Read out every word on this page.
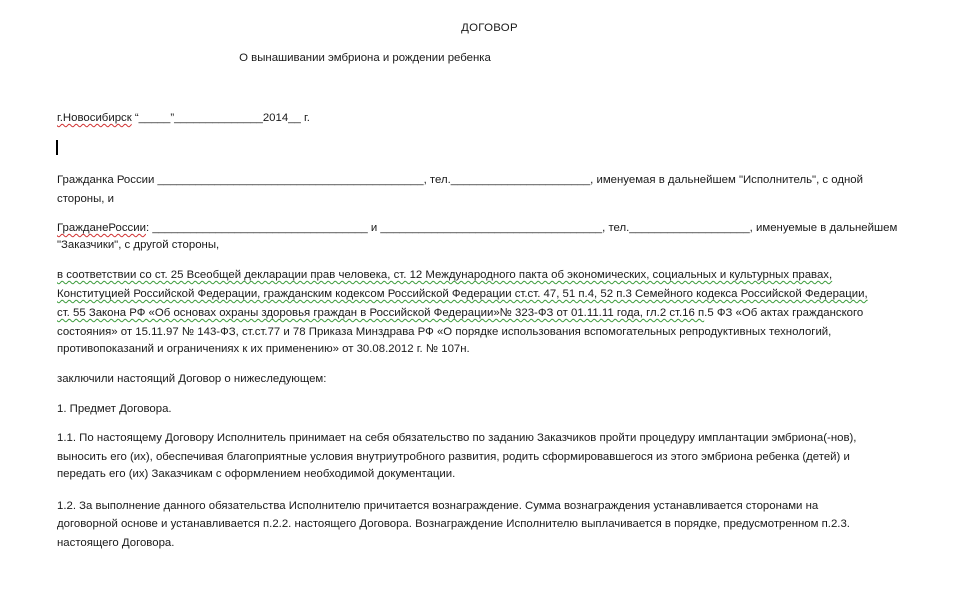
ДОГОВОР
О вынашивании эмбриона и рождении ребенка
г.Новосибирск “_____”______________2014__ г.
Гражданка России __________________________________________, тел.______________________, именуемая в дальнейшем "Исполнитель", с одной
стороны, и
ГражданеРоссии: __________________________________ и ___________________________________, тел.___________________, именуемые в дальнейшем
"Заказчики", с другой стороны,
в соответствии со ст. 25 Всеобщей декларации прав человека, ст. 12 Международного пакта об экономических, социальных и культурных правах,
Конституцией Российской Федерации, гражданским кодексом Российской Федерации ст.ст. 47, 51 п.4, 52 п.3 Семейного кодекса Российской Федерации,
ст. 55 Закона РФ «Об основах охраны здоровья граждан в Российской Федерации»№ 323-ФЗ от 01.11.11 года, гл.2 ст.16 п.5 ФЗ «Об актах гражданского
состояния» от 15.11.97 № 143-ФЗ, ст.ст.77 и 78 Приказа Минздрава РФ «О порядке использования вспомогательных репродуктивных технологий,
противопоказаний и ограничениях к их применению» от 30.08.2012 г. № 107н.
заключили настоящий Договор о нижеследующем:
1. Предмет Договора.
1.1. По настоящему Договору Исполнитель принимает на себя обязательство по заданию Заказчиков пройти процедуру имплантации эмбриона(-нов),
выносить его (их), обеспечивая благоприятные условия внутриутробного развития, родить сформировавшегося из этого эмбриона ребенка (детей) и
передать его (их) Заказчикам с оформлением необходимой документации.
1.2. За выполнение данного обязательства Исполнителю причитается вознаграждение. Сумма вознаграждения устанавливается сторонами на
договорной основе и устанавливается п.2.2. настоящего Договора. Вознаграждение Исполнителю выплачивается в порядке, предусмотренном п.2.3.
настоящего Договора.
